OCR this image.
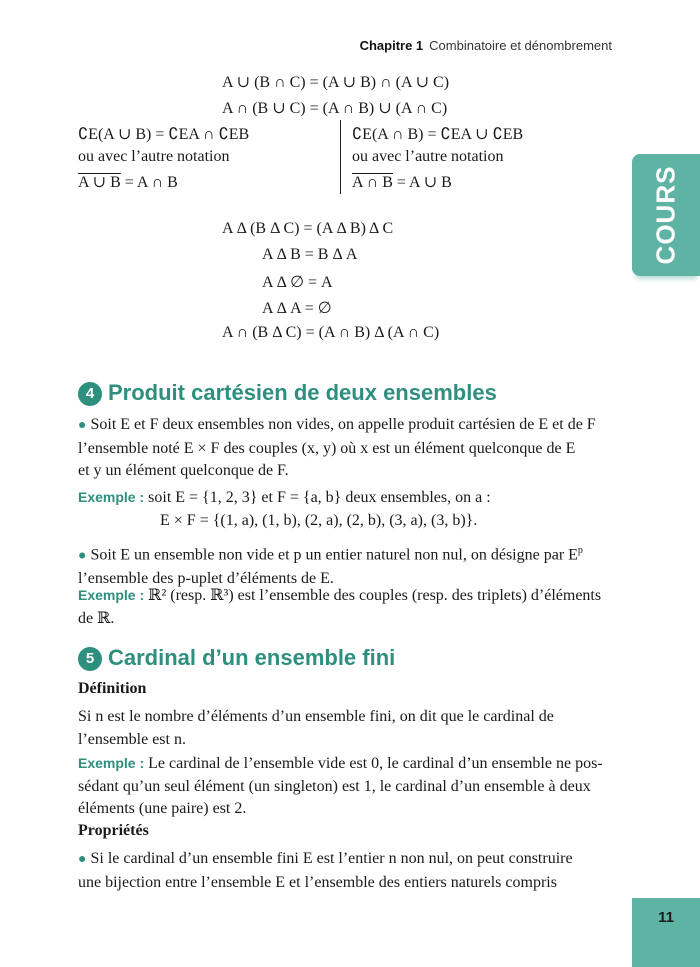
Chapitre 1 Combinatoire et dénombrement
COURS
A ∪ (B ∩ C) = (A ∪ B) ∩ (A ∪ C)
A ∩ (B ∪ C) = (A ∩ B) ∪ (A ∩ C)
∁E(A ∪ B) = ∁EA ∩ ∁EB
ou avec l’autre notation
A ∪ B = A ∩ B
∁E(A ∩ B) = ∁EA ∪ ∁EB
ou avec l’autre notation
A ∩ B = A ∪ B
A Δ (B Δ C) = (A Δ B) Δ C
A Δ B = B Δ A
A Δ ∅ = A
A Δ A = ∅
A ∩ (B Δ C) = (A ∩ B) Δ (A ∩ C)
4 Produit cartésien de deux ensembles
● Soit E et F deux ensembles non vides, on appelle produit cartésien de E et de F
l’ensemble noté E × F des couples (x, y) où x est un élément quelconque de E
et y un élément quelconque de F.
Exemple : soit E = {1, 2, 3} et F = {a, b} deux ensembles, on a :
E × F = {(1, a), (1, b), (2, a), (2, b), (3, a), (3, b)}.
● Soit E un ensemble non vide et p un entier naturel non nul, on désigne par $E^p$
l’ensemble des p-uplet d’éléments de E.
Exemple : ℝ² (resp. ℝ³) est l’ensemble des couples (resp. des triplets) d’éléments
de ℝ.
5 Cardinal d’un ensemble fini
Définition
Si n est le nombre d’éléments d’un ensemble fini, on dit que le cardinal de
l’ensemble est n.
Exemple : Le cardinal de l’ensemble vide est 0, le cardinal d’un ensemble ne pos-
sédant qu’un seul élément (un singleton) est 1, le cardinal d’un ensemble à deux
éléments (une paire) est 2.
Propriétés
● Si le cardinal d’un ensemble fini E est l’entier n non nul, on peut construire
une bijection entre l’ensemble E et l’ensemble des entiers naturels compris
11
